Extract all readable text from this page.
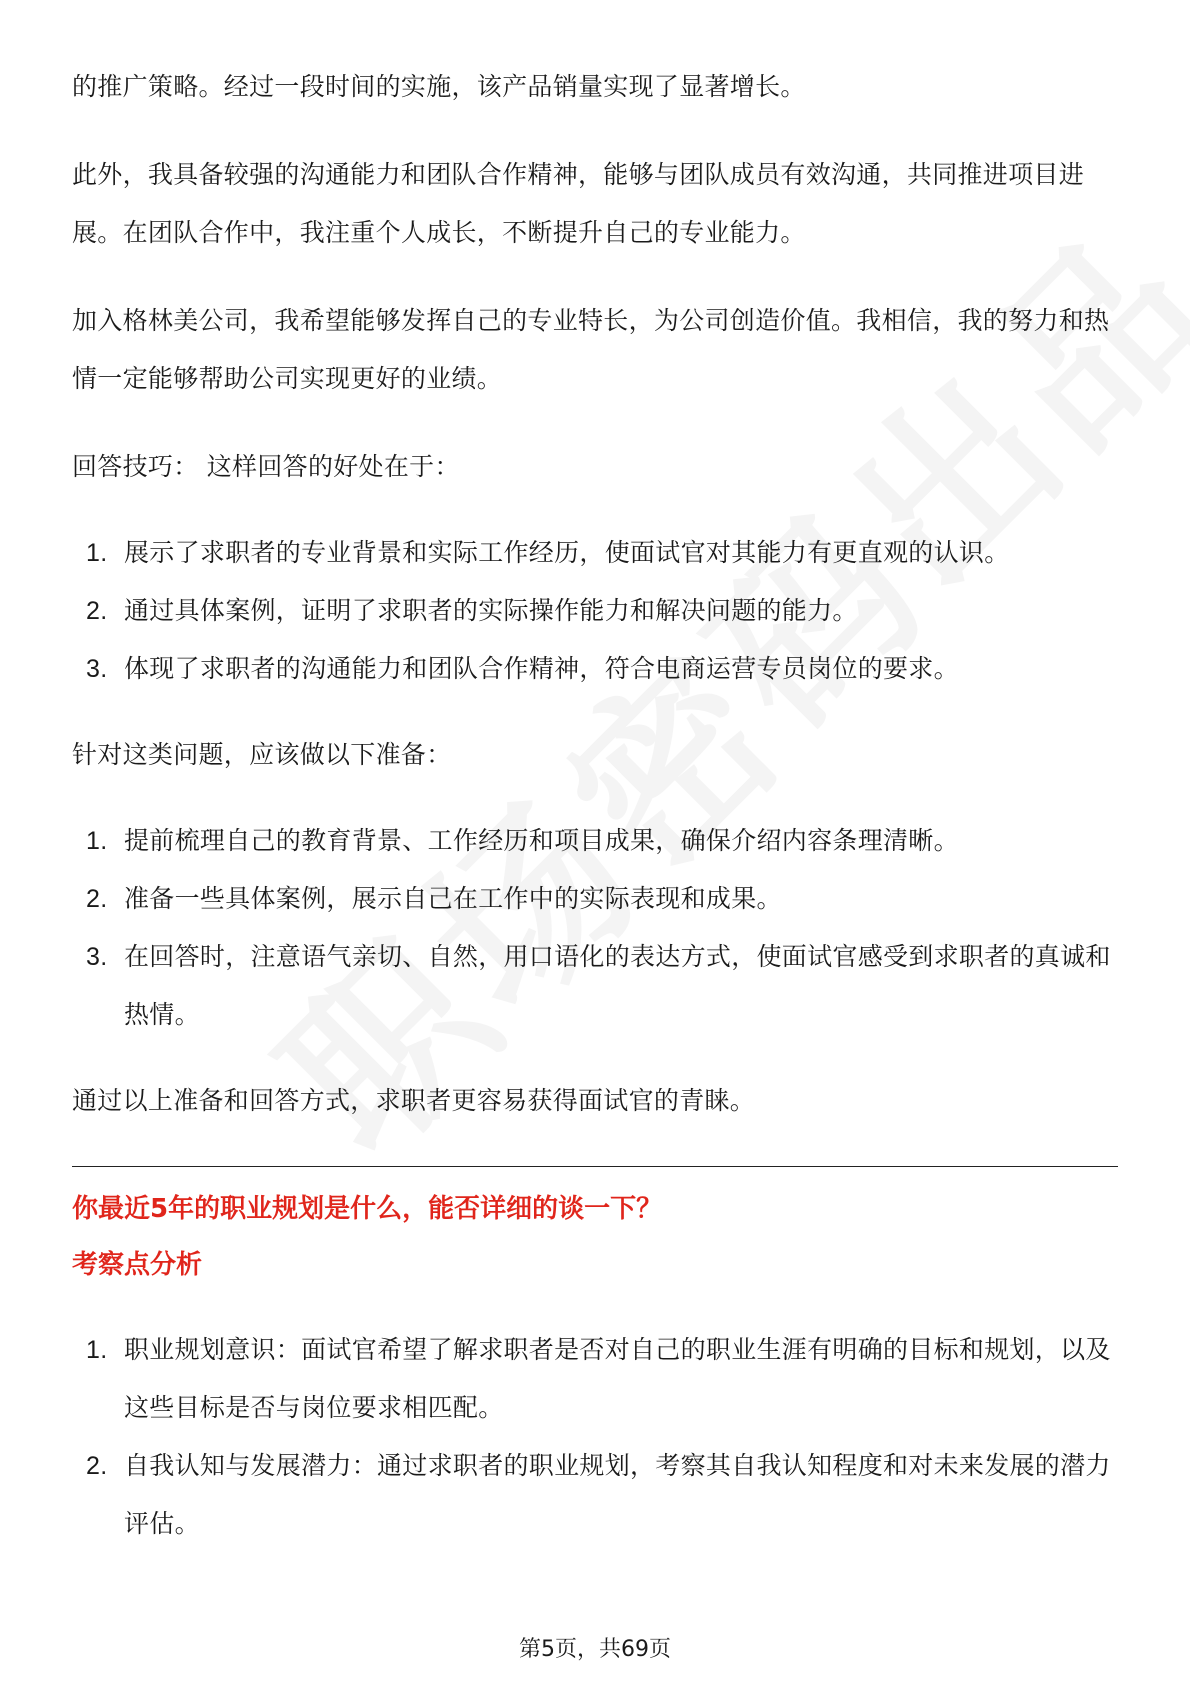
的推广策略。经过一段时间的实施，该产品销量实现了显著增长。

此外，我具备较强的沟通能力和团队合作精神，能够与团队成员有效沟通，共同推进项目进展。在团队合作中，我注重个人成长，不断提升自己的专业能力。

加入格林美公司，我希望能够发挥自己的专业特长，为公司创造价值。我相信，我的努力和热情一定能够帮助公司实现更好的业绩。

回答技巧： 这样回答的好处在于：

1. 展示了求职者的专业背景和实际工作经历，使面试官对其能力有更直观的认识。
2. 通过具体案例，证明了求职者的实际操作能力和解决问题的能力。
3. 体现了求职者的沟通能力和团队合作精神，符合电商运营专员岗位的要求。

针对这类问题，应该做以下准备：

1. 提前梳理自己的教育背景、工作经历和项目成果，确保介绍内容条理清晰。
2. 准备一些具体案例，展示自己在工作中的实际表现和成果。
3. 在回答时，注意语气亲切、自然，用口语化的表达方式，使面试官感受到求职者的真诚和热情。

通过以上准备和回答方式，求职者更容易获得面试官的青睐。

你最近5年的职业规划是什么，能否详细的谈一下？

考察点分析

1. 职业规划意识：面试官希望了解求职者是否对自己的职业生涯有明确的目标和规划，以及这些目标是否与岗位要求相匹配。
2. 自我认知与发展潜力：通过求职者的职业规划，考察其自我认知程度和对未来发展的潜力评估。
第5页，共69页
